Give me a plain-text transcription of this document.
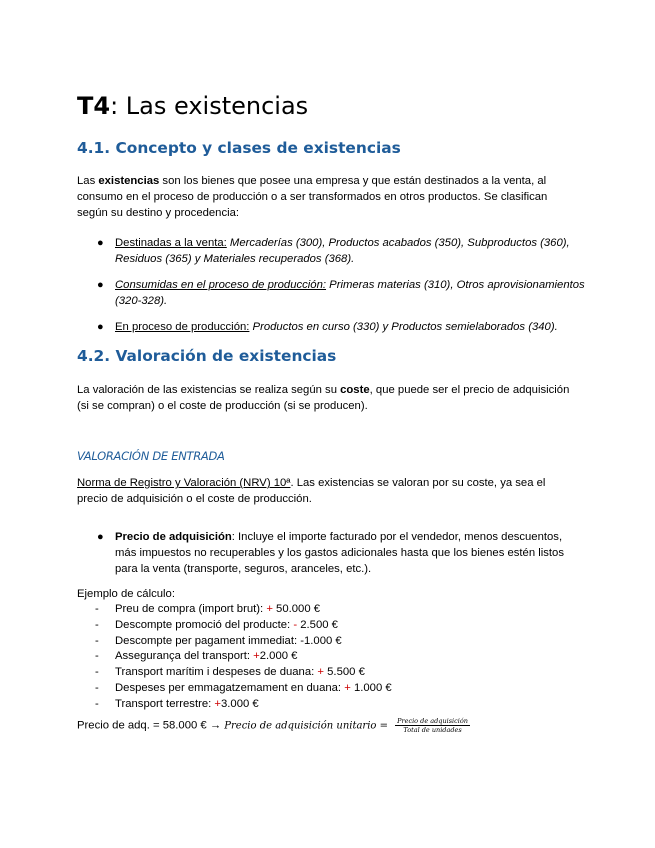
T4: Las existencias
4.1. Concepto y clases de existencias
Las existencias son los bienes que posee una empresa y que están destinados a la venta, al consumo en el proceso de producción o a ser transformados en otros productos. Se clasifican según su destino y procedencia:
● Destinadas a la venta: Mercaderías (300), Productos acabados (350), Subproductos (360), Residuos (365) y Materiales recuperados (368).
● Consumidas en el proceso de producción: Primeras materias (310), Otros aprovisionamientos (320-328).
● En proceso de producción: Productos en curso (330) y Productos semielaborados (340).
4.2. Valoración de existencias
La valoración de las existencias se realiza según su coste, que puede ser el precio de adquisición (si se compran) o el coste de producción (si se producen).
VALORACIÓN DE ENTRADA
Norma de Registro y Valoración (NRV) 10ª. Las existencias se valoran por su coste, ya sea el precio de adquisición o el coste de producción.
● Precio de adquisición: Incluye el importe facturado por el vendedor, menos descuentos, más impuestos no recuperables y los gastos adicionales hasta que los bienes estén listos para la venta (transporte, seguros, aranceles, etc.).
Ejemplo de cálculo:
- Preu de compra (import brut): + 50.000 €
- Descompte promoció del producte: - 2.500 €
- Descompte per pagament immediat: -1.000 €
- Assegurança del transport: +2.000 €
- Transport marítim i despeses de duana: + 5.500 €
- Despeses per emmagatzemament en duana: + 1.000 €
- Transport terrestre: +3.000 €
Precio de adq. = 58.000 € → Precio de adquisición unitario = $\frac{\text{Precio de adquisición}}{\text{Total de unidades}}$
